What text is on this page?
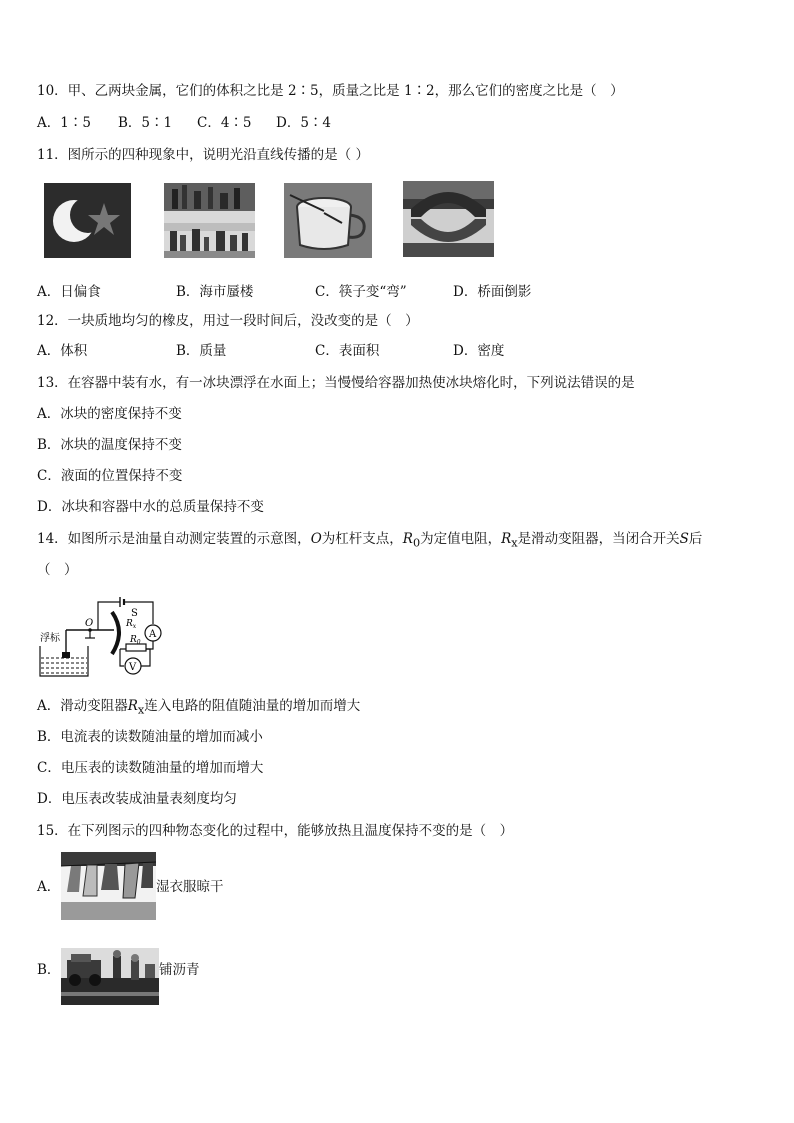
10．甲、乙两块金属，它们的体积之比是 2∶5，质量之比是 1∶2，那么它们的密度之比是（　）
A．1∶5 B．5∶1 C．4∶5 D．5∶4
11．图所示的四种现象中，说明光沿直线传播的是（ ）
A．日偏食	B．海市蜃楼	C．筷子变“弯”	D．桥面倒影
12．一块质地均匀的橡皮，用过一段时间后，没改变的是（　）
A．体积	B．质量	C．表面积	D．密度
13．在容器中装有水，有一冰块漂浮在水面上；当慢慢给容器加热使冰块熔化时，下列说法错误的是
A．冰块的密度保持不变
B．冰块的温度保持不变
C．液面的位置保持不变
D．冰块和容器中水的总质量保持不变
14．如图所示是油量自动测定装置的示意图，O为杠杆支点，$R_0$为定值电阻，$R_x$是滑动变阻器，当闭合开关S后
（　）
S
A
$R_x$
$R_0$
V
O
浮标
A．滑动变阻器$R_x$连入电路的阻值随油量的增加而增大
B．电流表的读数随油量的增加而减小
C．电压表的读数随油量的增加而增大
D．电压表改装成油量表刻度均匀
15．在下列图示的四种物态变化的过程中，能够放热且温度保持不变的是（　）
A．	湿衣服晾干
B．	铺沥青
